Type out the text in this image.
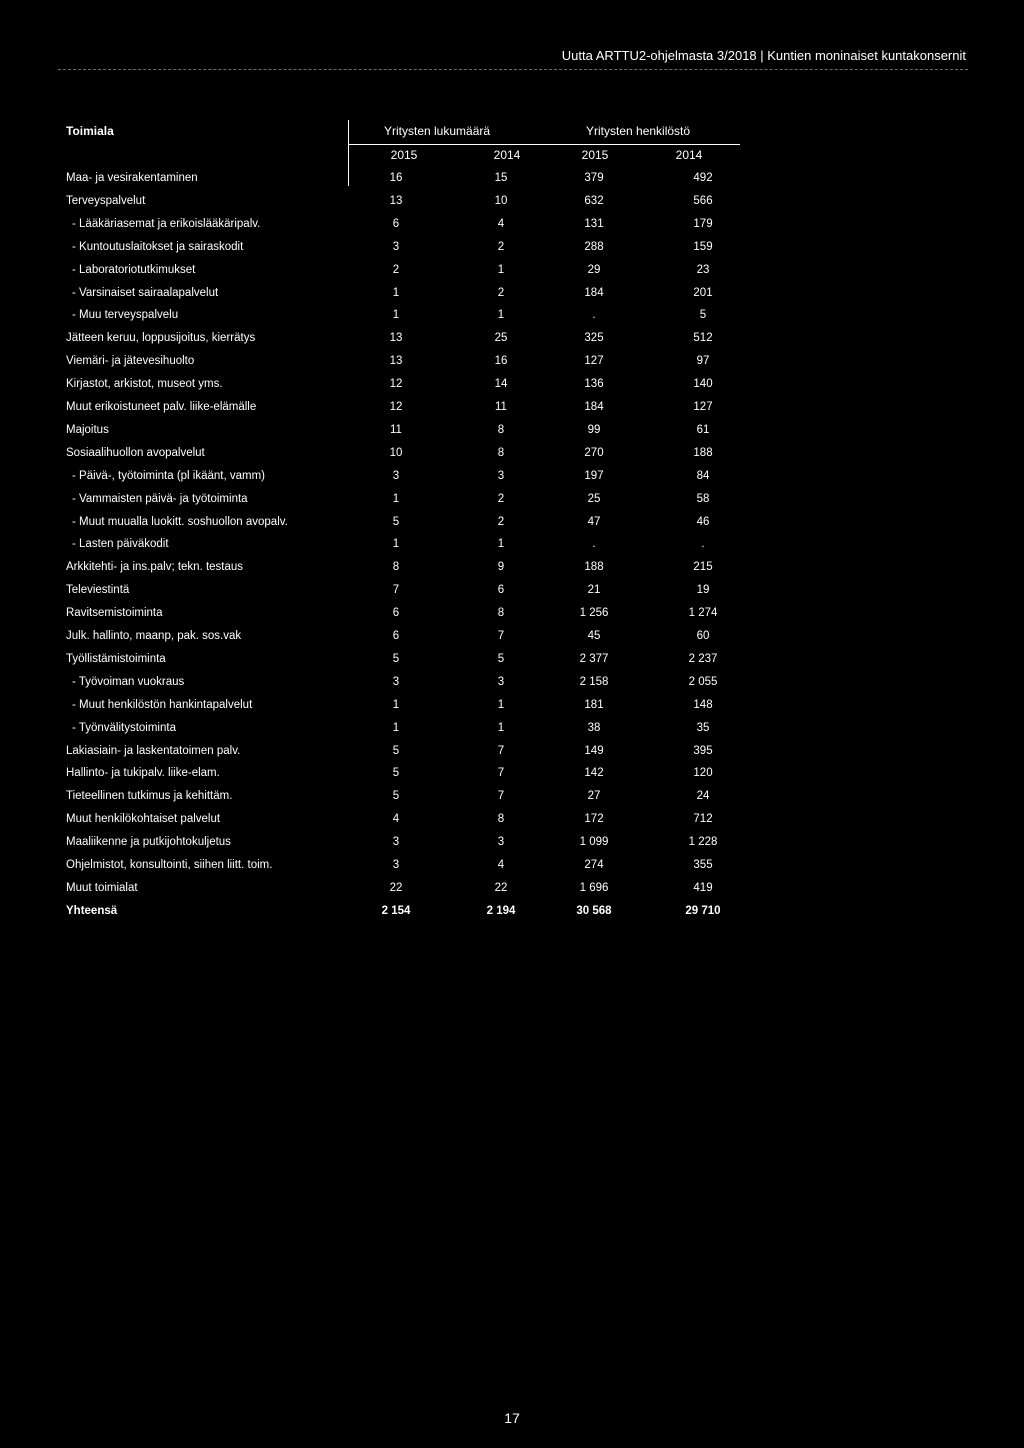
Uutta ARTTU2-ohjelmasta 3/2018 | Kuntien moninaiset kuntakonsernit
Toimiala	Yritysten lukumäärä	Yritysten henkilöstö
2015	2014	2015	2014
Maa- ja vesirakentaminen	16	15	379	492
Terveyspalvelut	13	10	632	566
- Lääkäriasemat ja erikoislääkäripalv.	6	4	131	179
- Kuntoutuslaitokset ja sairaskodit	3	2	288	159
- Laboratoriotutkimukset	2	1	29	23
- Varsinaiset sairaalapalvelut	1	2	184	201
- Muu terveyspalvelu	1	1	.	5
Jätteen keruu, loppusijoitus, kierrätys	13	25	325	512
Viemäri- ja jätevesihuolto	13	16	127	97
Kirjastot, arkistot, museot yms.	12	14	136	140
Muut erikoistuneet palv. liike-elämälle	12	11	184	127
Majoitus	11	8	99	61
Sosiaalihuollon avopalvelut	10	8	270	188
- Päivä-, työtoiminta (pl ikäänt, vamm)	3	3	197	84
- Vammaisten päivä- ja työtoiminta	1	2	25	58
- Muut muualla luokitt. soshuollon avopalv.	5	2	47	46
- Lasten päiväkodit	1	1	.	.
Arkkitehti- ja ins.palv; tekn. testaus	8	9	188	215
Televiestintä	7	6	21	19
Ravitsemistoiminta	6	8	1 256	1 274
Julk. hallinto, maanp, pak. sos.vak	6	7	45	60
Työllistämistoiminta	5	5	2 377	2 237
- Työvoiman vuokraus	3	3	2 158	2 055
- Muut henkilöstön hankintapalvelut	1	1	181	148
- Työnvälitystoiminta	1	1	38	35
Lakiasiain- ja laskentatoimen palv.	5	7	149	395
Hallinto- ja tukipalv. liike-elam.	5	7	142	120
Tieteellinen tutkimus ja kehittäm.	5	7	27	24
Muut henkilökohtaiset palvelut	4	8	172	712
Maaliikenne ja putkijohtokuljetus	3	3	1 099	1 228
Ohjelmistot, konsultointi, siihen liitt. toim.	3	4	274	355
Muut toimialat	22	22	1 696	419
Yhteensä	2 154	2 194	30 568	29 710
17
